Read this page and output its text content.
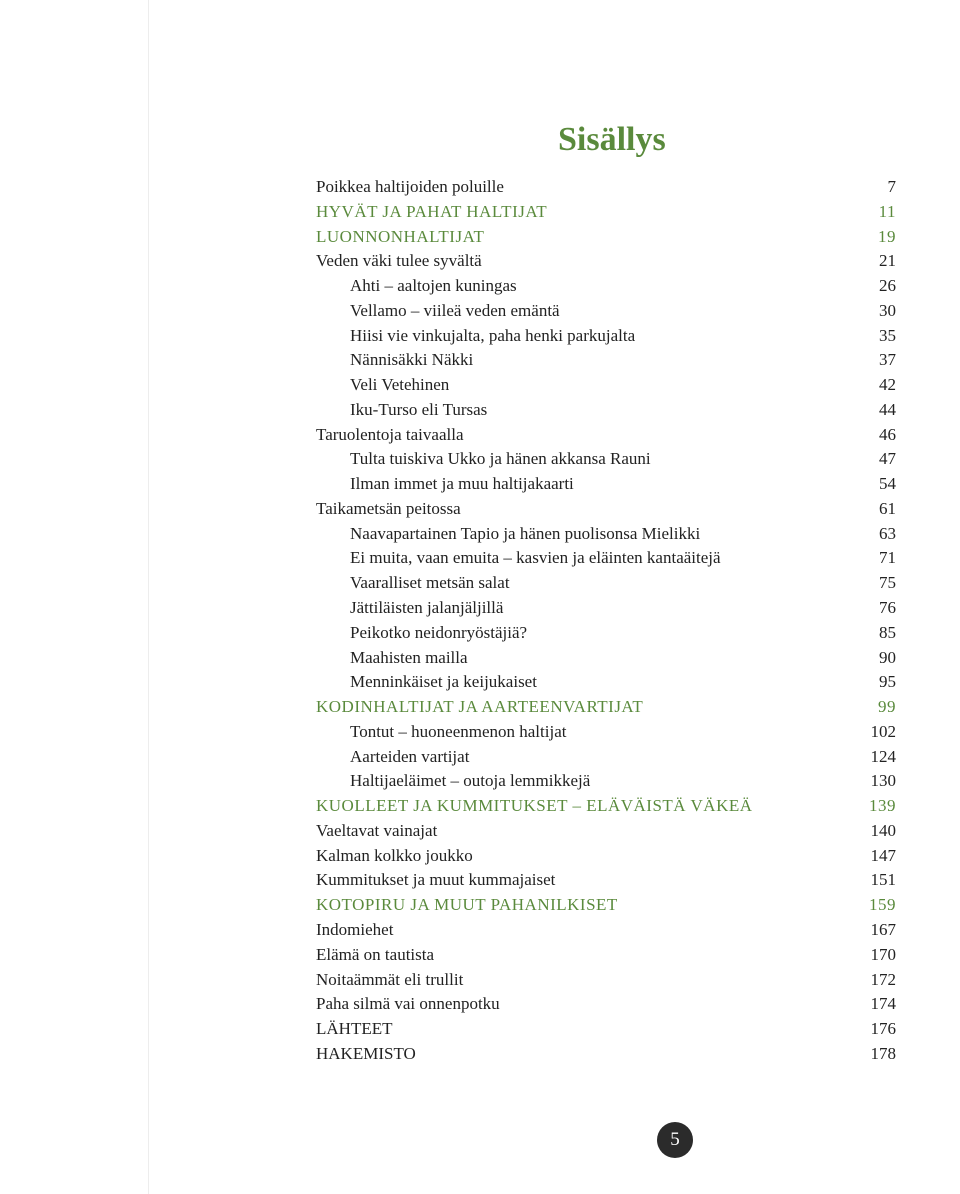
Sisällys
Poikkea haltijoiden poluille	7
HYVÄT JA PAHAT HALTIJAT	11
LUONNONHALTIJAT	19
Veden väki tulee syvältä	21
Ahti – aaltojen kuningas	26
Vellamo – viileä veden emäntä	30
Hiisi vie vinkujalta, paha henki parkujalta	35
Nännisäkki Näkki	37
Veli Vetehinen	42
Iku-Turso eli Tursas	44
Taruolentoja taivaalla	46
Tulta tuiskiva Ukko ja hänen akkansa Rauni	47
Ilman immet ja muu haltijakaarti	54
Taikametsän peitossa	61
Naavapartainen Tapio ja hänen puolisonsa Mielikki	63
Ei muita, vaan emuita – kasvien ja eläinten kantaäitejä	71
Vaaralliset metsän salat	75
Jättiläisten jalanjäljillä	76
Peikotko neidonryöstäjiä?	85
Maahisten mailla	90
Menninkäiset ja keijukaiset	95
KODINHALTIJAT JA AARTEENVARTIJAT	99
Tontut – huoneenmenon haltijat	102
Aarteiden vartijat	124
Haltijaeläimet – outoja lemmikkejä	130
KUOLLEET JA KUMMITUKSET – ELÄVÄISTÄ VÄKEÄ	139
Vaeltavat vainajat	140
Kalman kolkko joukko	147
Kummitukset ja muut kummajaiset	151
KOTOPIRU JA MUUT PAHANILKISET	159
Indomiehet	167
Elämä on tautista	170
Noitaämmät eli trullit	172
Paha silmä vai onnenpotku	174
LÄHTEET	176
HAKEMISTO	178
5
